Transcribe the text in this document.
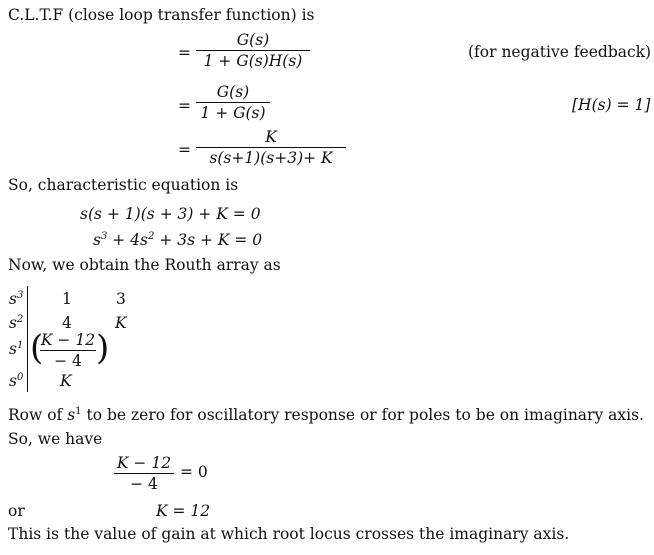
C.L.T.F (close loop transfer function) is
=
G(s)
1 + G(s)H(s)	(for negative feedback)
=
G(s)
1 + G(s)	[H(s) = 1]
=
K
s(s+1)(s+3)+ K
So, characteristic equation is
s(s + 1)(s + 3) + K = 0
$s^3 + 4s^2 + 3s + K = 0$
Now, we obtain the Routh array as
$s^3$ 1	3
$s^2$ 4	K
$s^1$ (
K − 12
− 4 )
$s^0$ K
Row of $s^1$ to be zero for oscillatory response or for poles to be on imaginary axis.
So, we have
K − 12
− 4
= 0
or	K = 12
This is the value of gain at which root locus crosses the imaginary axis.
